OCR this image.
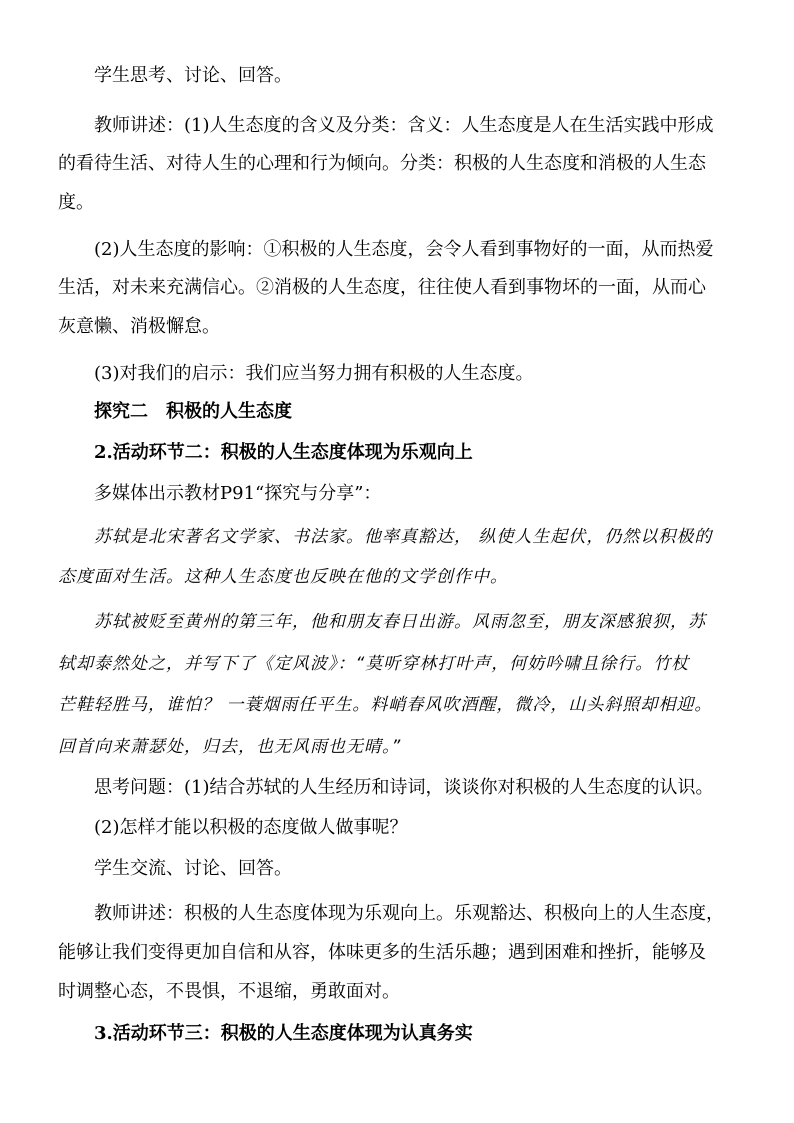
学生思考、讨论、回答。
教师讲述：(1)人生态度的含义及分类：含义：人生态度是人在生活实践中形成
的看待生活、对待人生的心理和行为倾向。分类：积极的人生态度和消极的人生态
度。
(2)人生态度的影响：①积极的人生态度，会令人看到事物好的一面，从而热爱
生活，对未来充满信心。②消极的人生态度，往往使人看到事物坏的一面，从而心
灰意懒、消极懈怠。
(3)对我们的启示：我们应当努力拥有积极的人生态度。
探究二　积极的人生态度
2.活动环节二：积极的人生态度体现为乐观向上
多媒体出示教材P91“探究与分享”：
苏轼是北宋著名文学家、书法家。他率真豁达， 纵使人生起伏，仍然以积极的
态度面对生活。这种人生态度也反映在他的文学创作中。
苏轼被贬至黄州的第三年，他和朋友春日出游。风雨忽至，朋友深感狼狈，苏
轼却泰然处之，并写下了《定风波》：“莫听穿林打叶声，何妨吟啸且徐行。竹杖
芒鞋轻胜马，谁怕？ 一蓑烟雨任平生。料峭春风吹酒醒，微冷，山头斜照却相迎。
回首向来萧瑟处，归去，也无风雨也无晴。”
思考问题：(1)结合苏轼的人生经历和诗词，谈谈你对积极的人生态度的认识。
(2)怎样才能以积极的态度做人做事呢？
学生交流、讨论、回答。
教师讲述：积极的人生态度体现为乐观向上。乐观豁达、积极向上的人生态度，
能够让我们变得更加自信和从容，体味更多的生活乐趣；遇到困难和挫折，能够及
时调整心态，不畏惧，不退缩，勇敢面对。
3.活动环节三：积极的人生态度体现为认真务实
